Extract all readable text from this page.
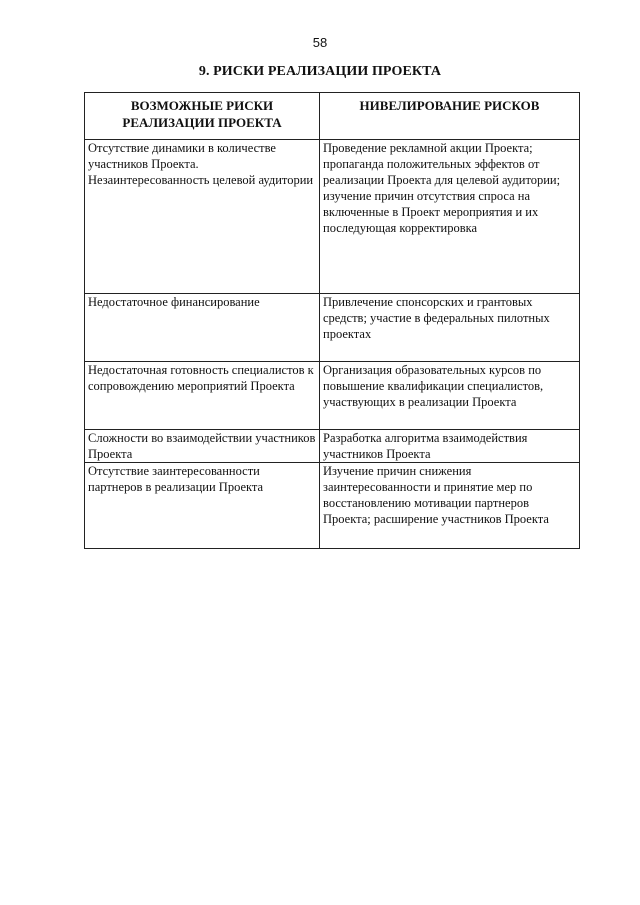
58
9. РИСКИ РЕАЛИЗАЦИИ ПРОЕКТА
ВОЗМОЖНЫЕ РИСКИ РЕАЛИЗАЦИИ ПРОЕКТА	НИВЕЛИРОВАНИЕ РИСКОВ
Отсутствие динамики в количестве участников Проекта. Незаинтересованность целевой аудитории	Проведение рекламной акции Проекта; пропаганда положительных эффектов от реализации Проекта для целевой аудитории; изучение причин отсутствия спроса на включенные в Проект мероприятия и их последующая корректировка
Недостаточное финансирование	Привлечение спонсорских и грантовых средств; участие в федеральных пилотных проектах
Недостаточная готовность специалистов к сопровождению мероприятий Проекта	Организация образовательных курсов по повышение квалификации специалистов, участвующих в реализации Проекта
Сложности во взаимодействии участников Проекта	Разработка алгоритма взаимодействия участников Проекта
Отсутствие заинтересованности партнеров в реализации Проекта	Изучение причин снижения заинтересованности и принятие мер по восстановлению мотивации партнеров Проекта; расширение участников Проекта
